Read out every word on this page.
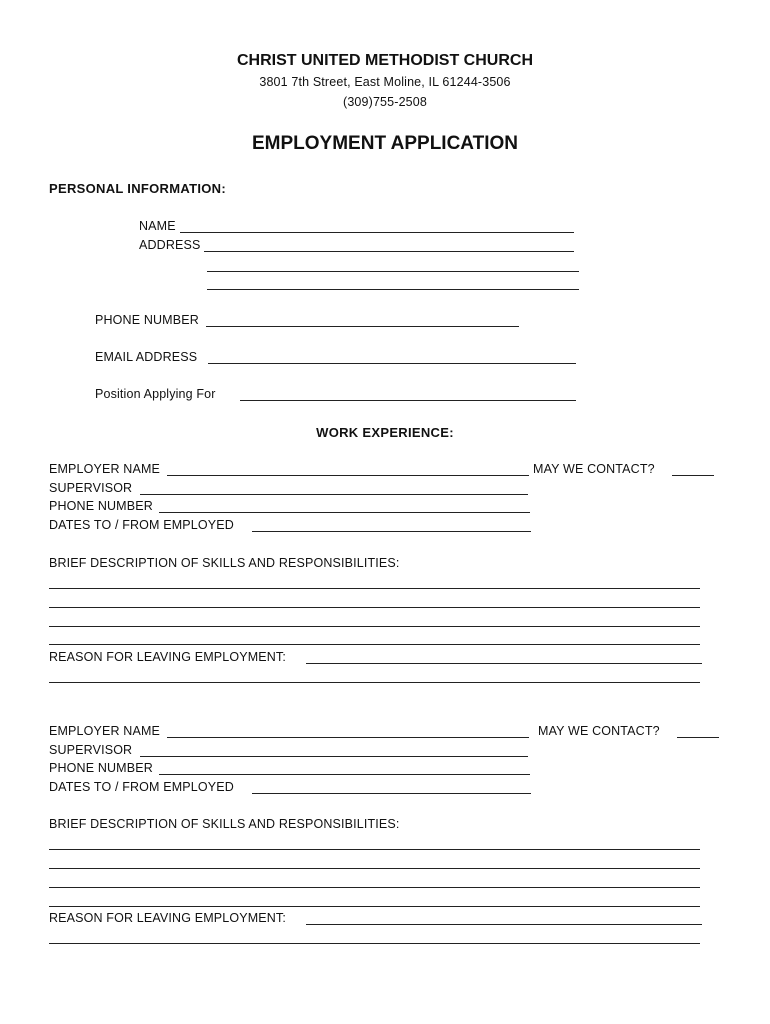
CHRIST UNITED METHODIST CHURCH
3801 7th Street, East Moline, IL 61244-3506
(309)755-2508
EMPLOYMENT APPLICATION
PERSONAL INFORMATION:
NAME
ADDRESS
PHONE NUMBER
EMAIL ADDRESS
Position Applying For
WORK EXPERIENCE:
EMPLOYER NAME	MAY WE CONTACT?
SUPERVISOR
PHONE NUMBER
DATES TO / FROM EMPLOYED
BRIEF DESCRIPTION OF SKILLS AND RESPONSIBILITIES:
REASON FOR LEAVING EMPLOYMENT:
EMPLOYER NAME	MAY WE CONTACT?
SUPERVISOR
PHONE NUMBER
DATES TO / FROM EMPLOYED
BRIEF DESCRIPTION OF SKILLS AND RESPONSIBILITIES:
REASON FOR LEAVING EMPLOYMENT:
